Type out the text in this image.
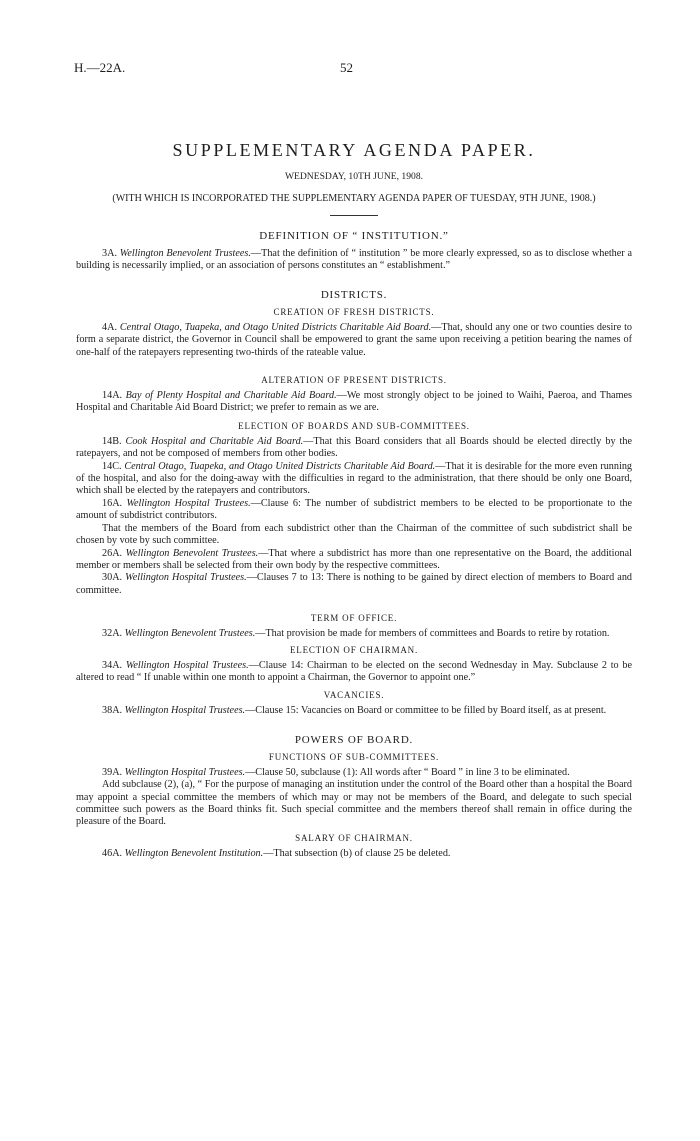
H.—22A.	52
SUPPLEMENTARY AGENDA PAPER.
WEDNESDAY, 10TH JUNE, 1908.
(WITH WHICH IS INCORPORATED THE SUPPLEMENTARY AGENDA PAPER OF TUESDAY, 9TH JUNE, 1908.)
DEFINITION OF “ INSTITUTION.”

3A. Wellington Benevolent Trustees.—That the definition of “ institution ” be more clearly expressed, so as to disclose whether a building is necessarily implied, or an association of persons constitutes an “ establishment.”

DISTRICTS.
CREATION OF FRESH DISTRICTS.

4A. Central Otago, Tuapeka, and Otago United Districts Charitable Aid Board.—That, should any one or two counties desire to form a separate district, the Governor in Council shall be empowered to grant the same upon receiving a petition bearing the names of one-half of the ratepayers representing two-thirds of the rateable value.

ALTERATION OF PRESENT DISTRICTS.

14A. Bay of Plenty Hospital and Charitable Aid Board.—We most strongly object to be joined to Waihi, Paeroa, and Thames Hospital and Charitable Aid Board District; we prefer to remain as we are.

ELECTION OF BOARDS AND SUB-COMMITTEES.

14B. Cook Hospital and Charitable Aid Board.—That this Board considers that all Boards should be elected directly by the ratepayers, and not be composed of members from other bodies.

14C. Central Otago, Tuapeka, and Otago United Districts Charitable Aid Board.—That it is desirable for the more even running of the hospital, and also for the doing-away with the difficulties in regard to the administration, that there should be only one Board, which shall be elected by the ratepayers and contributors.

16A. Wellington Hospital Trustees.—Clause 6: The number of subdistrict members to be elected to be proportionate to the amount of subdistrict contributors.

That the members of the Board from each subdistrict other than the Chairman of the committee of such subdistrict shall be chosen by vote by such committee.

26A. Wellington Benevolent Trustees.—That where a subdistrict has more than one representative on the Board, the additional member or members shall be selected from their own body by the respective committees.

30A. Wellington Hospital Trustees.—Clauses 7 to 13: There is nothing to be gained by direct election of members to Board and committee.

TERM OF OFFICE.

32A. Wellington Benevolent Trustees.—That provision be made for members of committees and Boards to retire by rotation.

ELECTION OF CHAIRMAN.

34A. Wellington Hospital Trustees.—Clause 14: Chairman to be elected on the second Wednesday in May. Subclause 2 to be altered to read “ If unable within one month to appoint a Chairman, the Governor to appoint one.”

VACANCIES.

38A. Wellington Hospital Trustees.—Clause 15: Vacancies on Board or committee to be filled by Board itself, as at present.

POWERS OF BOARD.
FUNCTIONS OF SUB-COMMITTEES.

39A. Wellington Hospital Trustees.—Clause 50, subclause (1): All words after “ Board ” in line 3 to be eliminated.

Add subclause (2), (a), “ For the purpose of managing an institution under the control of the Board other than a hospital the Board may appoint a special committee the members of which may or may not be members of the Board, and delegate to such special committee such powers as the Board thinks fit. Such special committee and the members thereof shall remain in office during the pleasure of the Board.

SALARY OF CHAIRMAN.

46A. Wellington Benevolent Institution.—That subsection (b) of clause 25 be deleted.
